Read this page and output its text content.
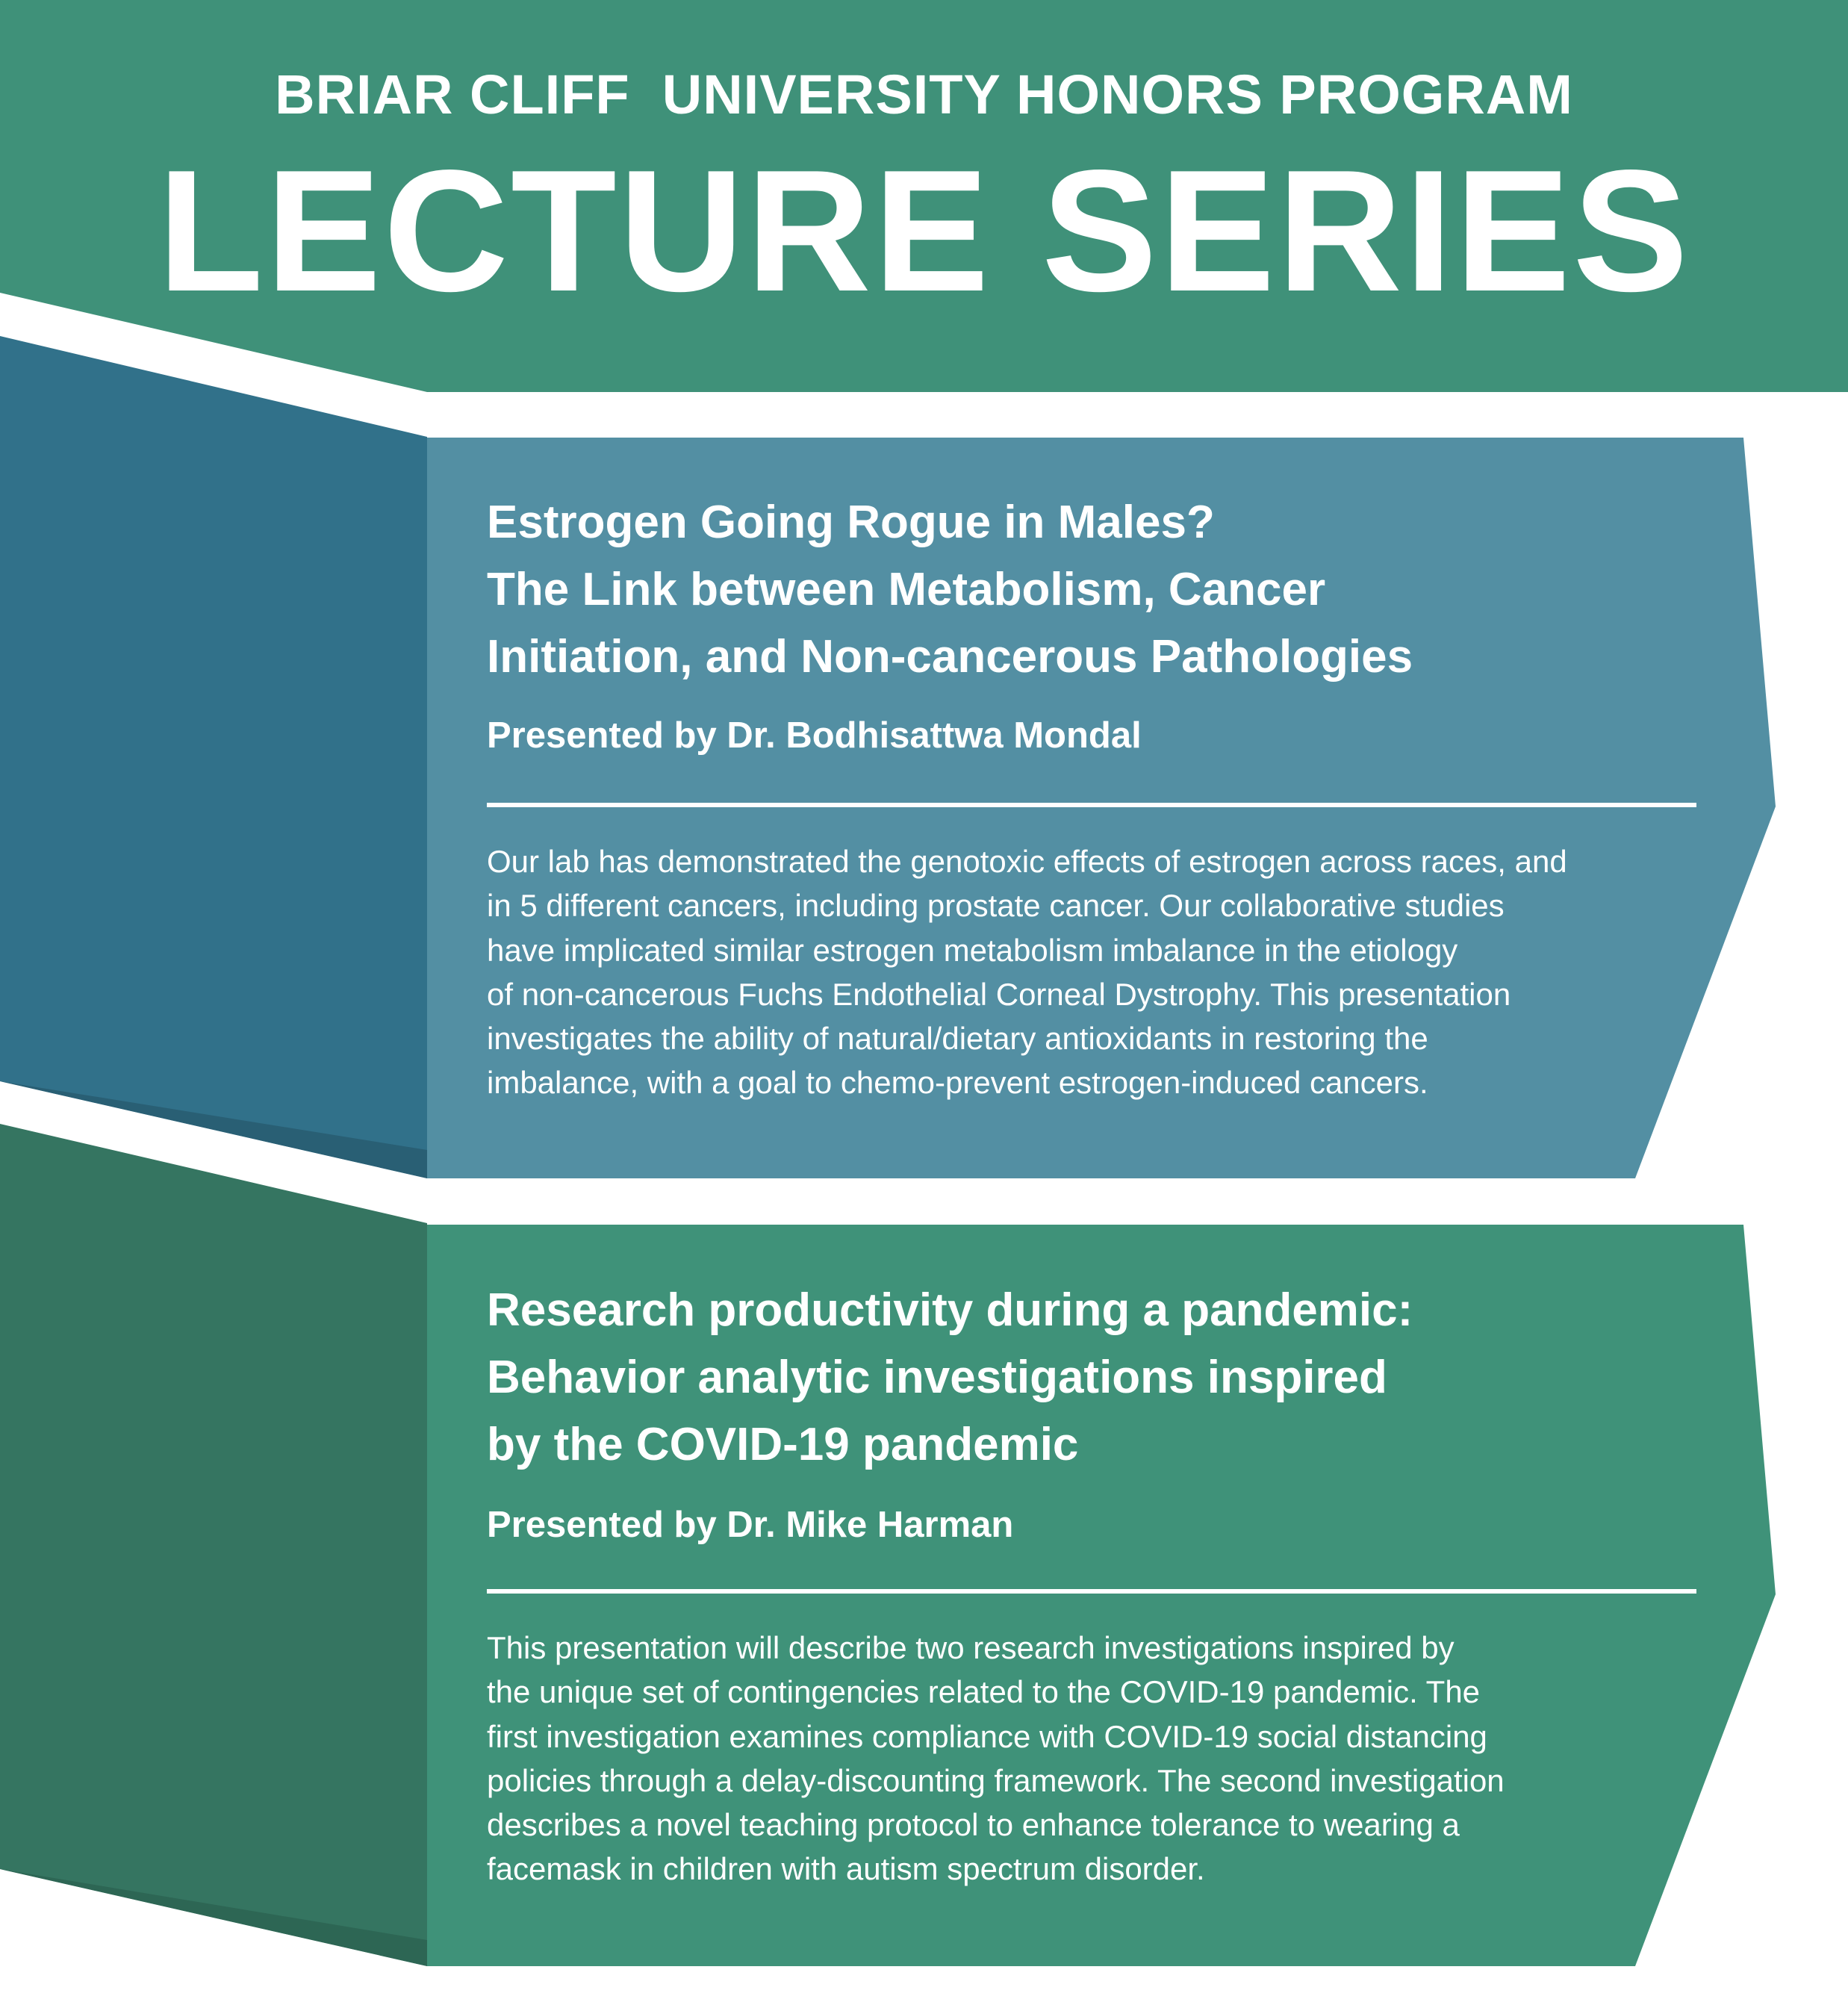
BRIAR CLIFF  UNIVERSITY HONORS PROGRAM
LECTURE SERIES
Estrogen Going Rogue in Males?
The Link between Metabolism, Cancer
Initiation, and Non-cancerous Pathologies
Presented by Dr. Bodhisattwa Mondal
Our lab has demonstrated the genotoxic effects of estrogen across races, and
in 5 different cancers, including prostate cancer. Our collaborative studies
have implicated similar estrogen metabolism imbalance in the etiology
of non-cancerous Fuchs Endothelial Corneal Dystrophy. This presentation
investigates the ability of natural/dietary antioxidants in restoring the
imbalance, with a goal to chemo-prevent estrogen-induced cancers.
Research productivity during a pandemic:
Behavior analytic investigations inspired
by the COVID-19 pandemic
Presented by Dr. Mike Harman
This presentation will describe two research investigations inspired by
the unique set of contingencies related to the COVID-19 pandemic. The
first investigation examines compliance with COVID-19 social distancing
policies through a delay-discounting framework. The second investigation
describes a novel teaching protocol to enhance tolerance to wearing a
facemask in children with autism spectrum disorder.
